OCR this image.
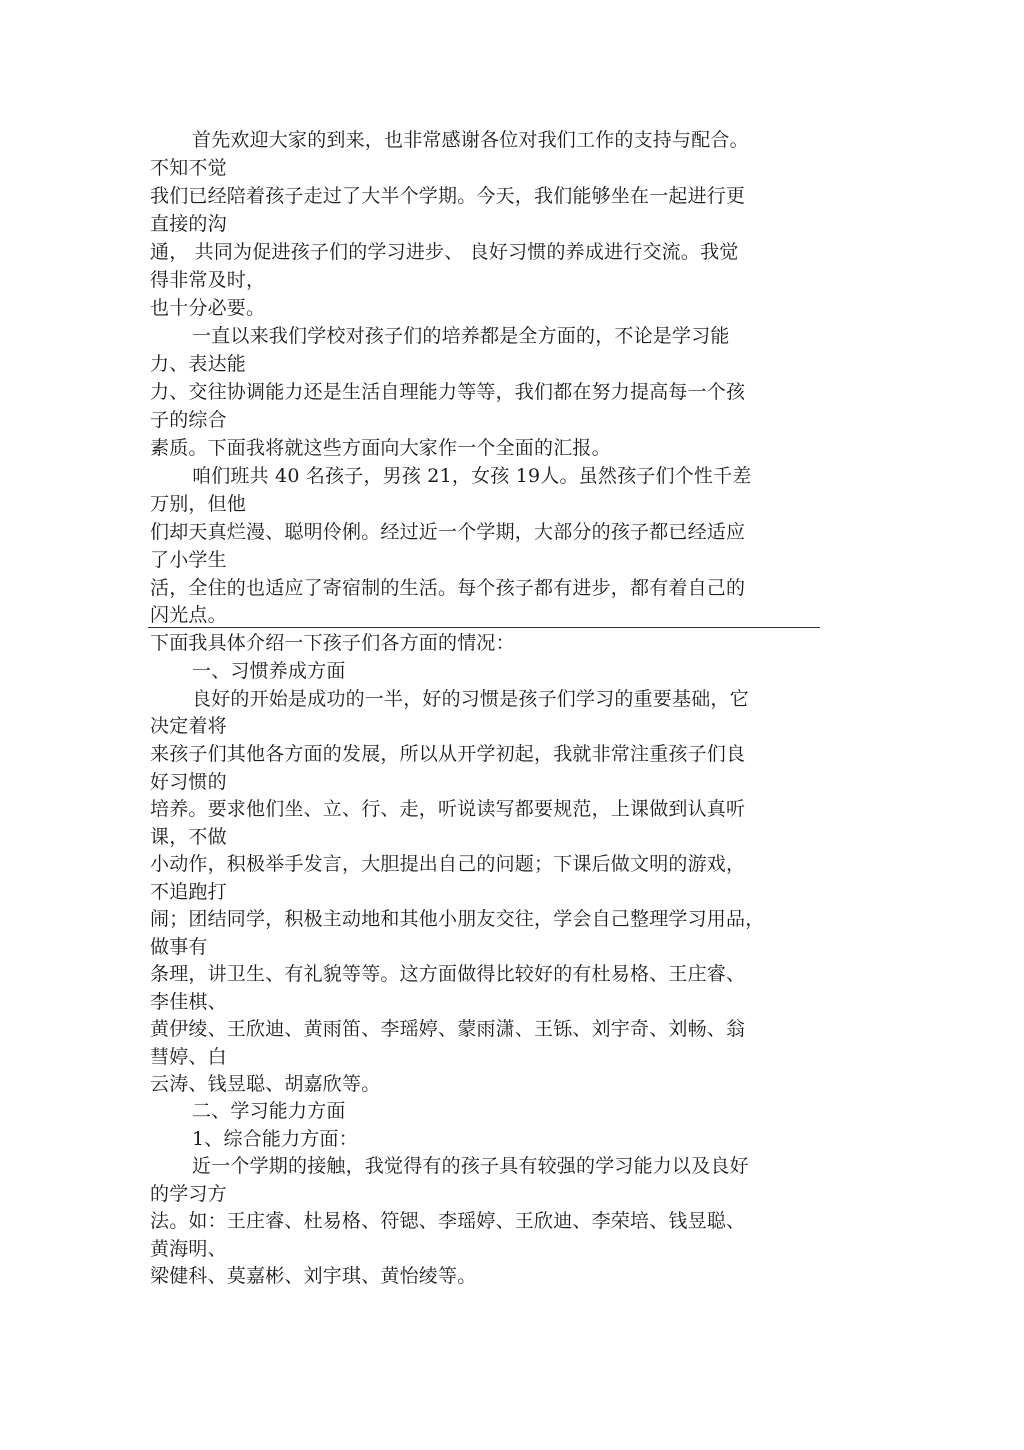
首先欢迎大家的到来，也非常感谢各位对我们工作的支持与配合。
不知不觉
我们已经陪着孩子走过了大半个学期。今天，我们能够坐在一起进行更
直接的沟
通， 共同为促进孩子们的学习进步、 良好习惯的养成进行交流。我觉
得非常及时，
也十分必要。
一直以来我们学校对孩子们的培养都是全方面的，不论是学习能
力、表达能
力、交往协调能力还是生活自理能力等等，我们都在努力提高每一个孩
子的综合
素质。下面我将就这些方面向大家作一个全面的汇报。
咱们班共 40 名孩子，男孩 21，女孩 19人。虽然孩子们个性千差
万别，但他
们却天真烂漫、聪明伶俐。经过近一个学期，大部分的孩子都已经适应
了小学生
活，全住的也适应了寄宿制的生活。每个孩子都有进步，都有着自己的
闪光点。
下面我具体介绍一下孩子们各方面的情况：
一、习惯养成方面
良好的开始是成功的一半，好的习惯是孩子们学习的重要基础，它
决定着将
来孩子们其他各方面的发展，所以从开学初起，我就非常注重孩子们良
好习惯的
培养。要求他们坐、立、行、走，听说读写都要规范，上课做到认真听
课，不做
小动作，积极举手发言，大胆提出自己的问题；下课后做文明的游戏，
不追跑打
闹；团结同学，积极主动地和其他小朋友交往，学会自己整理学习用品，
做事有
条理，讲卫生、有礼貌等等。这方面做得比较好的有杜易格、王庄睿、
李佳棋、
黄伊绫、王欣迪、黄雨笛、李瑶婷、蒙雨潇、王铄、刘宇奇、刘畅、翁
彗婷、白
云涛、钱昱聪、胡嘉欣等。
二、学习能力方面
1、综合能力方面：
近一个学期的接触，我觉得有的孩子具有较强的学习能力以及良好
的学习方
法。如：王庄睿、杜易格、符锶、李瑶婷、王欣迪、李荣培、钱昱聪、
黄海明、
梁健科、莫嘉彬、刘宇琪、黄怡绫等。
